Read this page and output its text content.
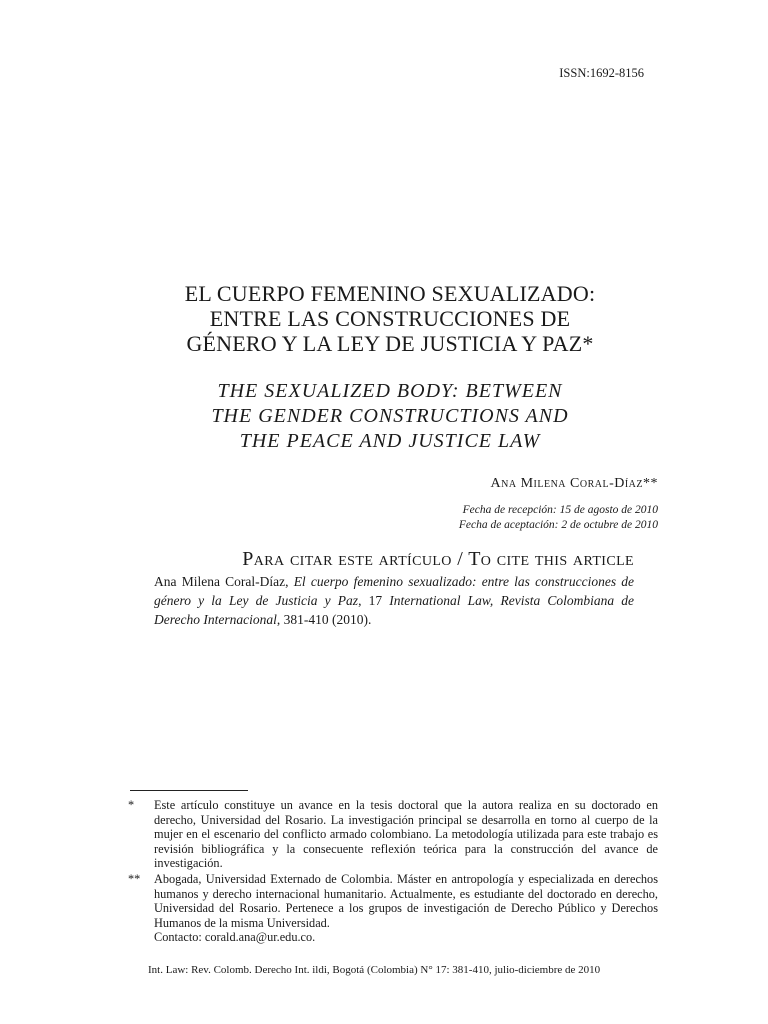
ISSN:1692-8156
EL CUERPO FEMENINO SEXUALIZADO:
ENTRE LAS CONSTRUCCIONES DE
GÉNERO Y LA LEY DE JUSTICIA Y PAZ*
THE SEXUALIZED BODY: BETWEEN
THE GENDER CONSTRUCTIONS AND
THE PEACE AND JUSTICE LAW
Ana Milena Coral-Díaz**
Fecha de recepción: 15 de agosto de 2010
Fecha de aceptación: 2 de octubre de 2010
Para citar este artículo / To cite this article
Ana Milena Coral-Díaz, El cuerpo femenino sexualizado: entre las construcciones de género y la Ley de Justicia y Paz, 17 International Law, Revista Colombiana de Derecho Internacional, 381-410 (2010).
* Este artículo constituye un avance en la tesis doctoral que la autora realiza en su doctorado en derecho, Universidad del Rosario. La investigación principal se desarrolla en torno al cuerpo de la mujer en el escenario del conflicto armado colombiano. La metodología utilizada para este trabajo es revisión bibliográfica y la consecuente reflexión teórica para la construcción del avance de investigación.
** Abogada, Universidad Externado de Colombia. Máster en antropología y especializada en derechos humanos y derecho internacional humanitario. Actualmente, es estudiante del doctorado en derecho, Universidad del Rosario. Pertenece a los grupos de investigación de Derecho Público y Derechos Humanos de la misma Universidad.
Contacto: corald.ana@ur.edu.co.
Int. Law: Rev. Colomb. Derecho Int. ildi, Bogotá (Colombia) N° 17: 381-410, julio-diciembre de 2010
